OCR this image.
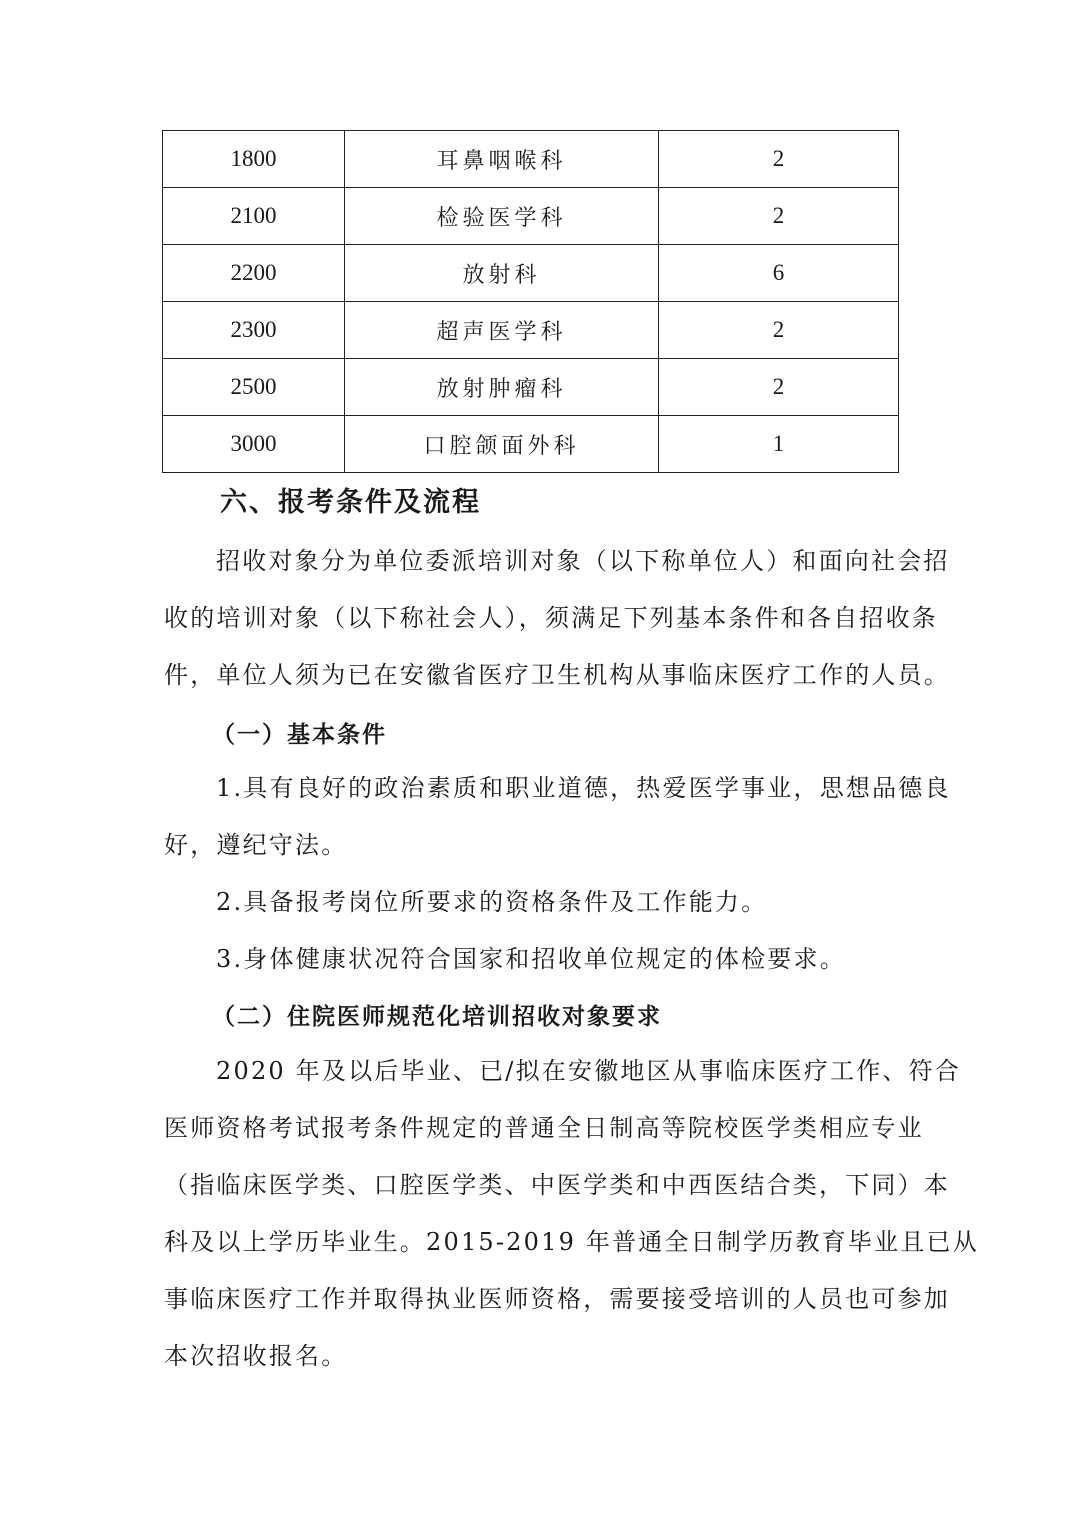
1800	耳鼻咽喉科	2
2100	检验医学科	2
2200	放射科	6
2300	超声医学科	2
2500	放射肿瘤科	2
3000	口腔颌面外科	1
六、报考条件及流程
招收对象分为单位委派培训对象（以下称单位人）和面向社会招
收的培训对象（以下称社会人），须满足下列基本条件和各自招收条
件，单位人须为已在安徽省医疗卫生机构从事临床医疗工作的人员。
（一）基本条件
1.具有良好的政治素质和职业道德，热爱医学事业，思想品德良
好，遵纪守法。
2.具备报考岗位所要求的资格条件及工作能力。
3.身体健康状况符合国家和招收单位规定的体检要求。
（二）住院医师规范化培训招收对象要求
2020 年及以后毕业、已/拟在安徽地区从事临床医疗工作、符合
医师资格考试报考条件规定的普通全日制高等院校医学类相应专业
（指临床医学类、口腔医学类、中医学类和中西医结合类，下同）本
科及以上学历毕业生。2015-2019 年普通全日制学历教育毕业且已从
事临床医疗工作并取得执业医师资格，需要接受培训的人员也可参加
本次招收报名。
